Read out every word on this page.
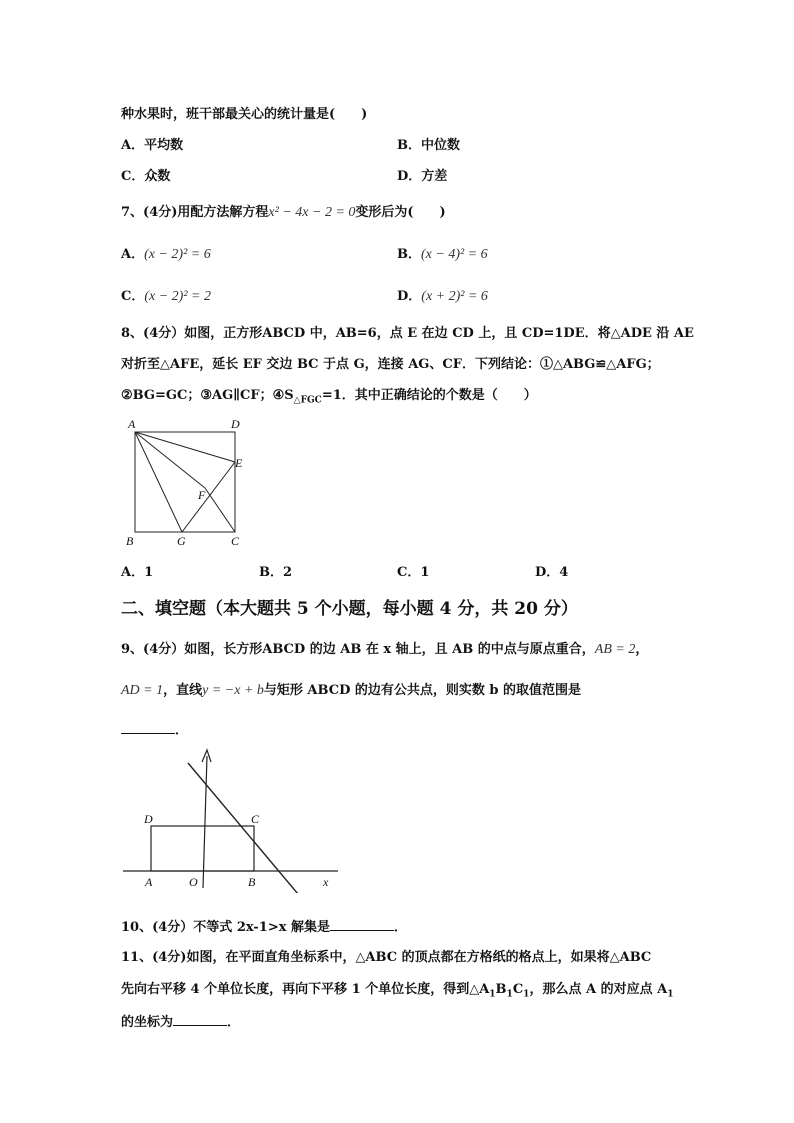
种水果时，班干部最关心的统计量是(　　)
A．平均数	B．中位数
C．众数	D．方差
7、(4分)用配方法解方程x² − 4x − 2 = 0变形后为(　　)
A．(x − 2)² = 6	B．(x − 4)² = 6
C．(x − 2)² = 2	D．(x + 2)² = 6
8、(4分）如图，正方形ABCD 中，AB=6，点 E 在边 CD 上，且 CD=1DE．将△ADE 沿 AE
对折至△AFE，延长 EF 交边 BC 于点 G，连接 AG、CF．下列结论：①△ABG≌△AFG；
②BG=GC；③AG∥CF；$④S_{\triangle FGC}=1$．其中正确结论的个数是（　　）
A	D
E
F
B	G	C
A．1	B．2	C．1	D．4
二、填空题（本大题共 5 个小题，每小题 4 分，共 20 分）
9、(4分）如图，长方形ABCD 的边 AB 在 x 轴上，且 AB 的中点与原点重合，AB = 2，
AD = 1，直线y = −x + b与矩形 ABCD 的边有公共点，则实数 b 的取值范围是
．
D	C
A	O	B	x
10、(4分）不等式 2x-1>x 解集是	．
11、(4分)如图，在平面直角坐标系中，△ABC 的顶点都在方格纸的格点上，如果将△ABC
先向右平移 4 个单位长度，再向下平移 1 个单位长度，得到$\triangle A_1B_1C_1$，那么点 A 的对应点 $A_1$
的坐标为	．
